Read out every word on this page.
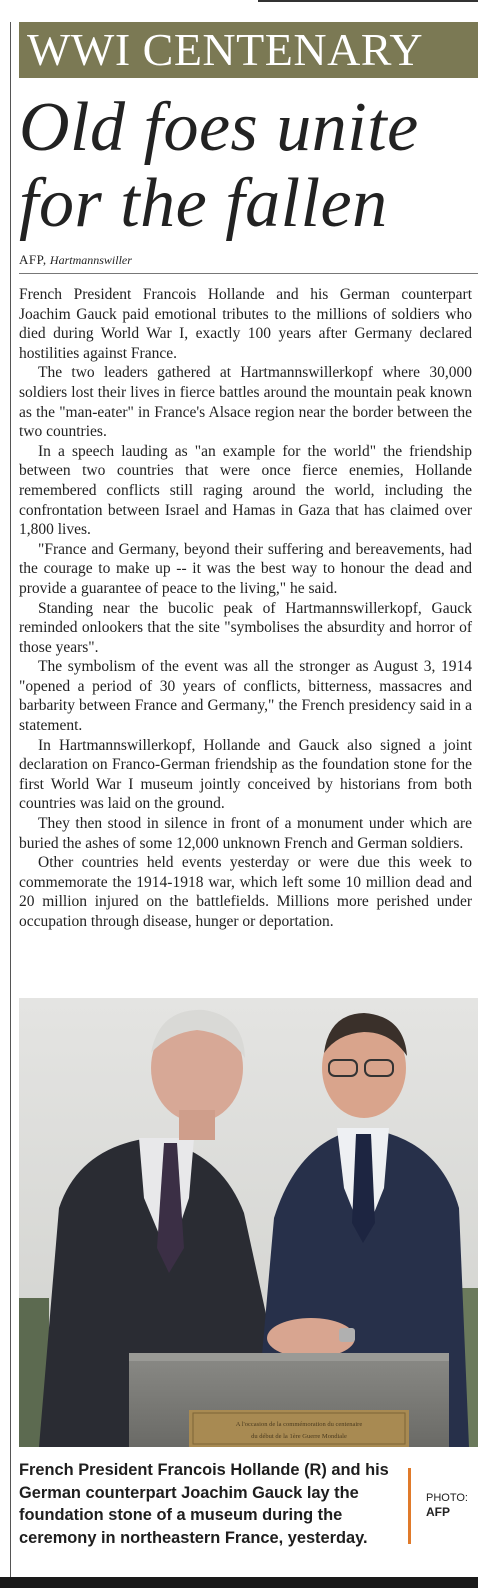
WWI CENTENARY
Old foes unite
for the fallen
AFP, Hartmannswiller

French President Francois Hollande and his German counterpart Joachim Gauck paid emotional tributes to the millions of soldiers who died during World War I, exactly 100 years after Germany declared hostilities against France.

The two leaders gathered at Hartmannswillerkopf where 30,000 soldiers lost their lives in fierce battles around the mountain peak known as the "man-eater" in France's Alsace region near the border between the two countries.

In a speech lauding as "an example for the world" the friendship between two countries that were once fierce enemies, Hollande remembered conflicts still raging around the world, including the confrontation between Israel and Hamas in Gaza that has claimed over 1,800 lives.

"France and Germany, beyond their suffering and bereavements, had the courage to make up -- it was the best way to honour the dead and provide a guarantee of peace to the living," he said.

Standing near the bucolic peak of Hartmannswillerkopf, Gauck reminded onlookers that the site "symbolises the absurdity and horror of those years".

The symbolism of the event was all the stronger as August 3, 1914 "opened a period of 30 years of conflicts, bitterness, massacres and barbarity between France and Germany," the French presidency said in a statement.

In Hartmannswillerkopf, Hollande and Gauck also signed a joint declaration on Franco-German friendship as the foundation stone for the first World War I museum jointly conceived by historians from both countries was laid on the ground.

They then stood in silence in front of a monument under which are buried the ashes of some 12,000 unknown French and German soldiers.

Other countries held events yesterday or were due this week to commemorate the 1914-1918 war, which left some 10 million dead and 20 million injured on the battlefields. Millions more perished under occupation through disease, hunger or deportation.

A l'occasion de la commémoration du centenaire
du début de la 1ère Guerre Mondiale
French President Francois Hollande (R) and his German counterpart Joachim Gauck lay the foundation stone of a museum during the ceremony in northeastern France, yesterday.
PHOTO:
AFP
